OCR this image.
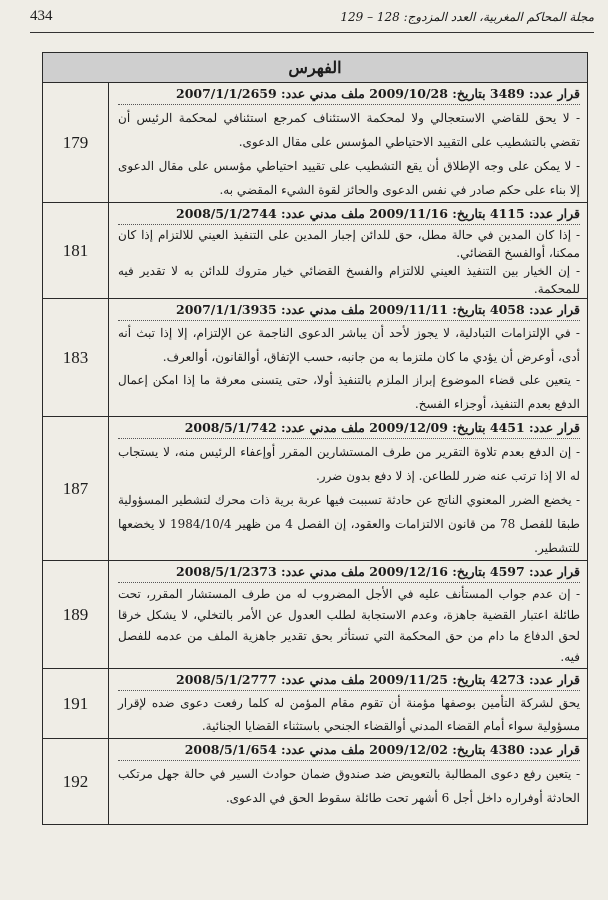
434	مجلة المحاكم المغربية، العدد المزدوج: 128 – 129
الفهرس	

قرار عدد: 3489 بتاريخ: 2009/10/28 ملف مدني عدد: 2007/1/1/2659
- لا يحق للقاضي الاستعجالي ولا لمحكمة الاستئناف كمرجع استئنافي لمحكمة الرئيس أن تقضي بالتشطيب على التقييد الاحتياطي المؤسس على مقال الدعوى.
- لا يمكن على وجه الإطلاق أن يقع التشطيب على تقييد احتياطي مؤسس على مقال الدعوى إلا بناء على حكم صادر في نفس الدعوى والحائز لقوة الشيء المقضي به.	179

قرار عدد: 4115 بتاريخ: 2009/11/16 ملف مدني عدد: 2008/5/1/2744
- إذا كان المدين في حالة مطل، حق للدائن إجبار المدين على التنفيذ العيني للالتزام إذا كان ممكنا، أوالفسخ القضائي.
- إن الخيار بين التنفيذ العيني للالتزام والفسخ القضائي خيار متروك للدائن به لا تقدير فيه للمحكمة.	181

قرار عدد: 4058 بتاريخ: 2009/11/11 ملف مدني عدد: 2007/1/1/3935
- في الإلتزامات التبادلية، لا يجوز لأحد أن يباشر الدعوى الناجمة عن الإلتزام، إلا إذا تبث أنه أدى، أوعرض أن يؤدي ما كان ملتزما به من جانبه، حسب الإتفاق، أوالقانون، أوالعرف.
- يتعين على قضاء الموضوع إبراز الملزم بالتنفيذ أولا، حتى يتسنى معرفة ما إذا امكن إعمال الدفع بعدم التنفيذ، أوجزاء الفسخ.	183

قرار عدد: 4451 بتاريخ: 2009/12/09 ملف مدني عدد: 2008/5/1/742
- إن الدفع بعدم تلاوة التقرير من طرف المستشارين المقرر أوإعفاء الرئيس منه، لا يستجاب له الا إذا ترتب عنه ضرر للطاعن. إذ لا دفع بدون ضرر.
- يخضع الضرر المعنوي الناتج عن حادثة تسببت فيها عربة برية ذات محرك لتشطير المسؤولية طبقا للفصل 78 من قانون الالتزامات والعقود، إن الفصل 4 من ظهير 1984/10/4 لا يخضعها للتشطير.	187

قرار عدد: 4597 بتاريخ: 2009/12/16 ملف مدني عدد: 2008/5/1/2373
- إن عدم جواب المستأنف عليه في الأجل المضروب له من طرف المستشار المقرر، تحت طائلة اعتبار القضية جاهزة، وعدم الاستجابة لطلب العدول عن الأمر بالتخلي، لا يشكل خرقا لحق الدفاع ما دام من حق المحكمة التي تستأثر بحق تقدير جاهزية الملف من عدمه للفصل فيه.	189

قرار عدد: 4273 بتاريخ: 2009/11/25 ملف مدني عدد: 2008/5/1/2777
يحق لشركة التأمين بوصفها مؤمنة أن تقوم مقام المؤمن له كلما رفعت دعوى ضده لإقرار مسؤولية سواء أمام القضاء المدني أوالقضاء الجنحي باستثناء القضايا الجنائية.	191

قرار عدد: 4380 بتاريخ: 2009/12/02 ملف مدني عدد: 2008/5/1/654
- يتعين رفع دعوى المطالبة بالتعويض ضد صندوق ضمان حوادث السير في حالة جهل مرتكب الحادثة أوفراره داخل أجل 6 أشهر تحت طائلة سقوط الحق في الدعوى.	192
